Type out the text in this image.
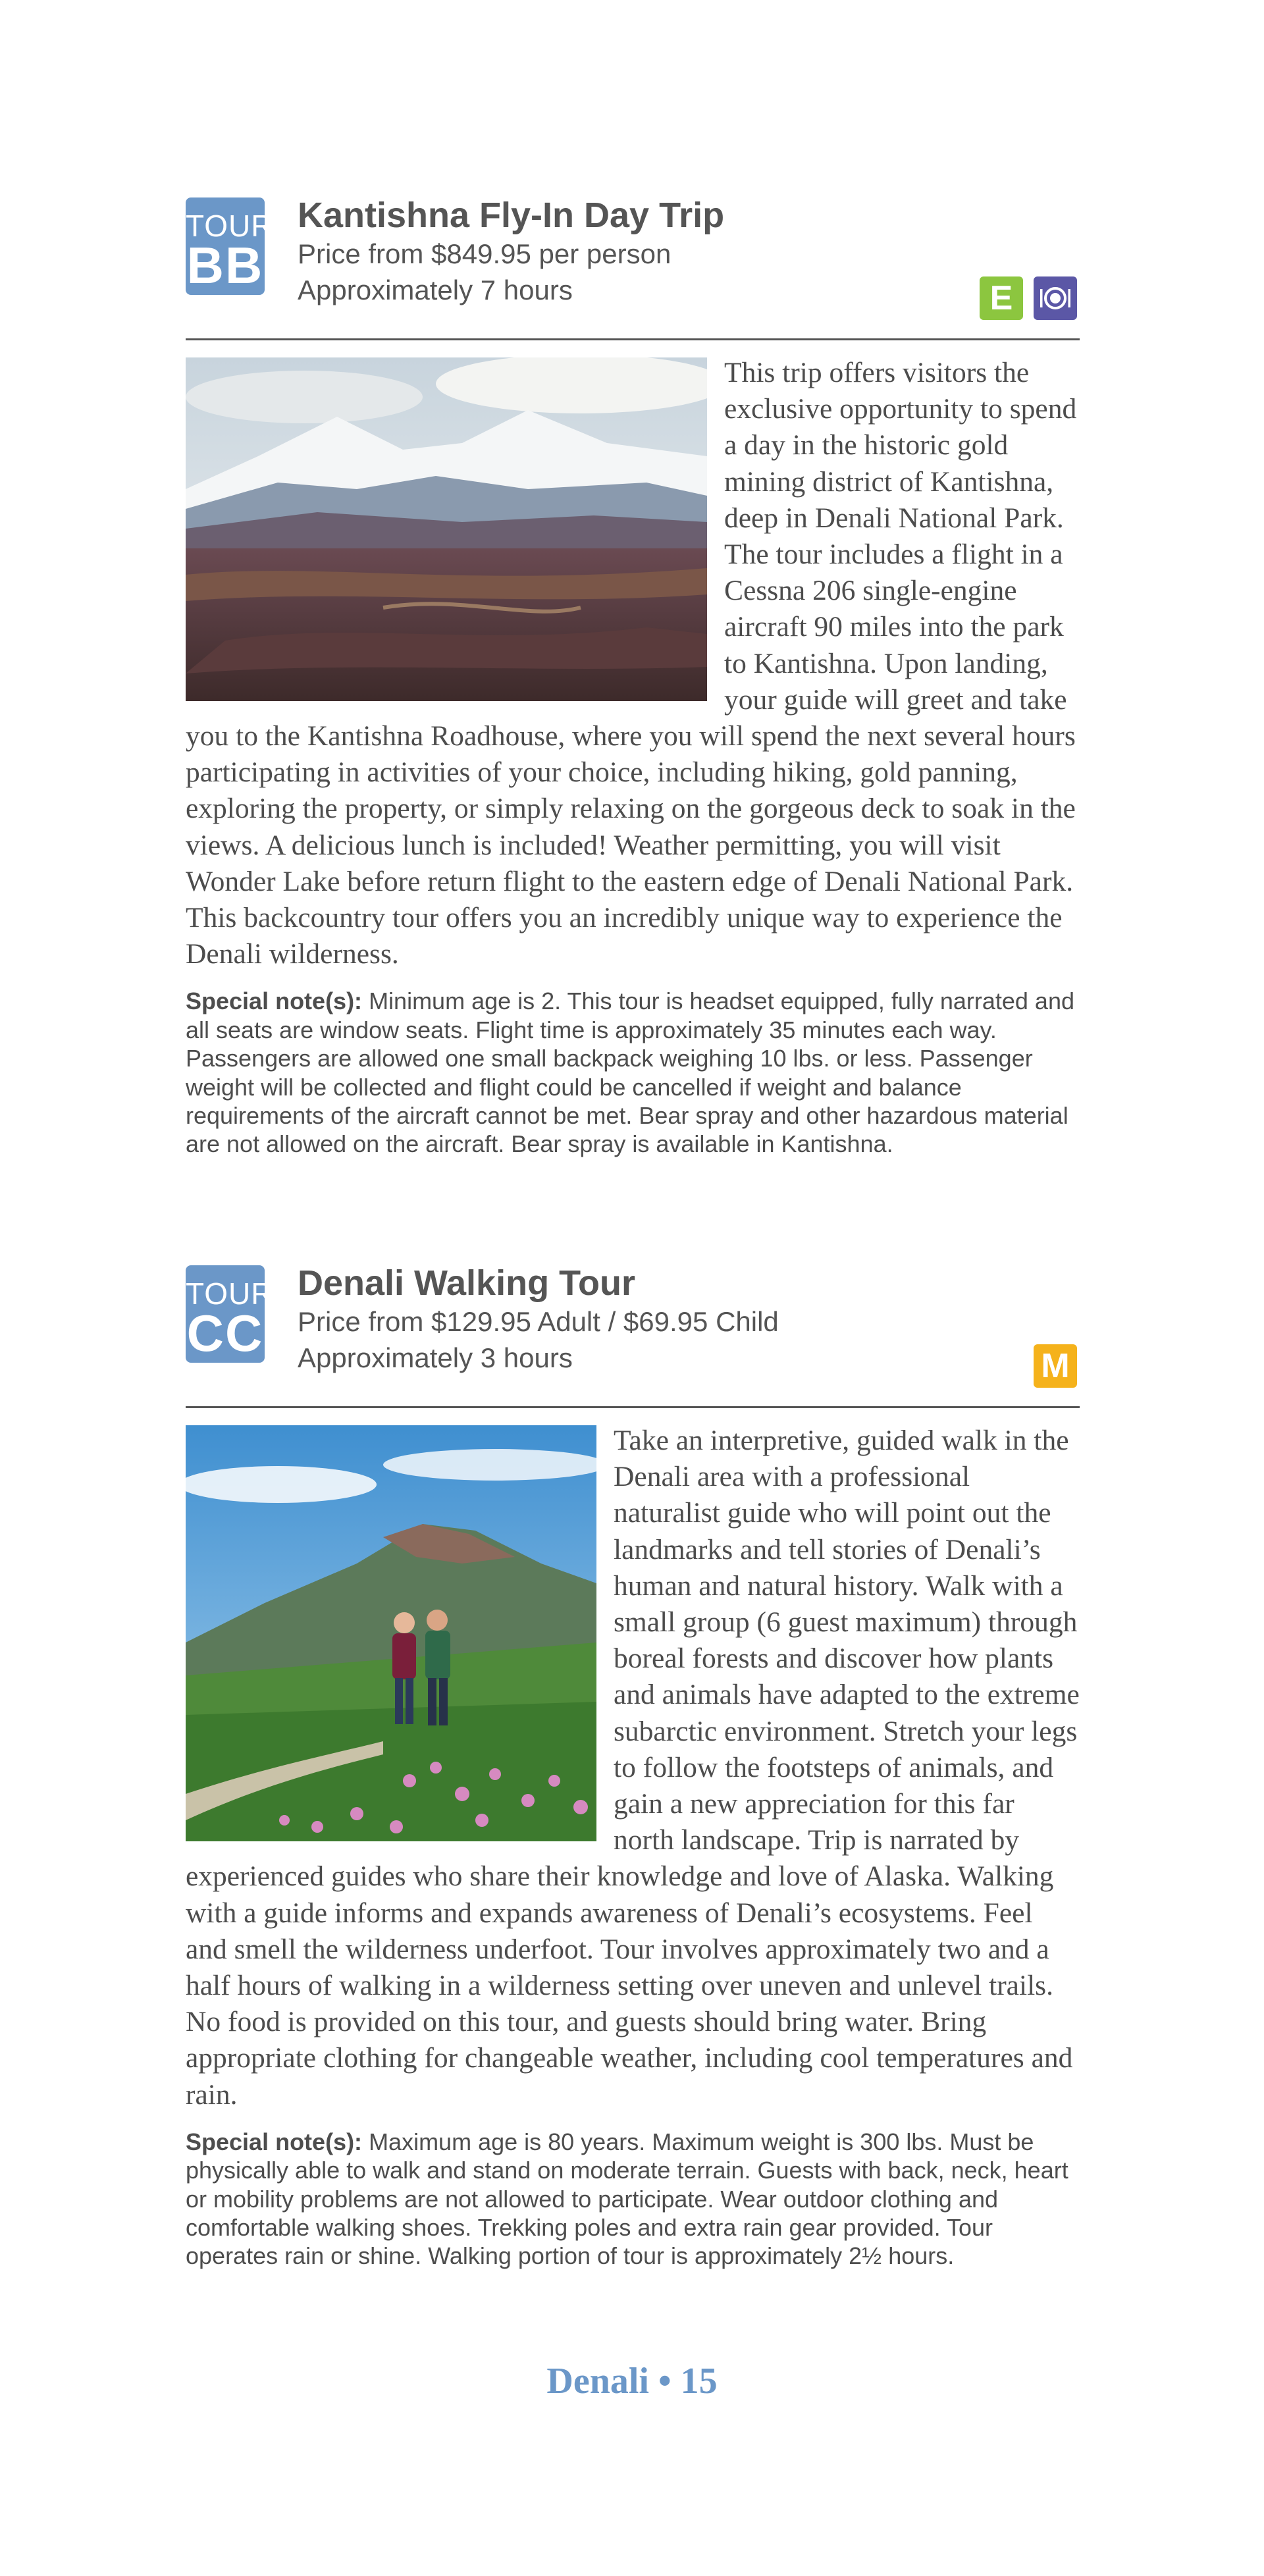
TOUR
BB
Kantishna Fly-In Day Trip

Price from $849.95 per person

Approximately 7 hours	E
This trip offers visitors the exclusive opportunity to spend a day in the historic gold mining district of Kantishna, deep in Denali National Park. The tour includes a flight in a Cessna 206 single-engine aircraft 90 miles into the park to Kantishna. Upon landing, your guide will greet and take you to the Kantishna Roadhouse, where you will spend the next several hours participating in activities of your choice, including hiking, gold panning, exploring the property, or simply relaxing on the gorgeous deck to soak in the views. A delicious lunch is included! Weather permitting, you will visit Wonder Lake before return flight to the eastern edge of Denali National Park. This backcountry tour offers you an incredibly unique way to experience the Denali wilderness.

Special note(s): Minimum age is 2. This tour is headset equipped, fully narrated and all seats are window seats. Flight time is approximately 35 minutes each way. Passengers are allowed one small backpack weighing 10 lbs. or less. Passenger weight will be collected and flight could be cancelled if weight and balance requirements of the aircraft cannot be met. Bear spray and other hazardous material are not allowed on the aircraft. Bear spray is available in Kantishna.

TOUR
CC
Denali Walking Tour

Price from $129.95 Adult / $69.95 Child

Approximately 3 hours	M
Take an interpretive, guided walk in the Denali area with a professional naturalist guide who will point out the landmarks and tell stories of Denali’s human and natural history. Walk with a small group (6 guest maximum) through boreal forests and discover how plants and animals have adapted to the extreme subarctic environment. Stretch your legs to follow the footsteps of animals, and gain a new appreciation for this far north landscape. Trip is narrated by experienced guides who share their knowledge and love of Alaska. Walking with a guide informs and expands awareness of Denali’s ecosystems. Feel and smell the wilderness underfoot. Tour involves approximately two and a half hours of walking in a wilderness setting over uneven and unlevel trails. No food is provided on this tour, and guests should bring water. Bring appropriate clothing for changeable weather, including cool temperatures and rain.

Special note(s): Maximum age is 80 years. Maximum weight is 300 lbs. Must be physically able to walk and stand on moderate terrain. Guests with back, neck, heart or mobility problems are not allowed to participate. Wear outdoor clothing and comfortable walking shoes. Trekking poles and extra rain gear provided. Tour operates rain or shine. Walking portion of tour is approximately 2½ hours.

Denali • 15
